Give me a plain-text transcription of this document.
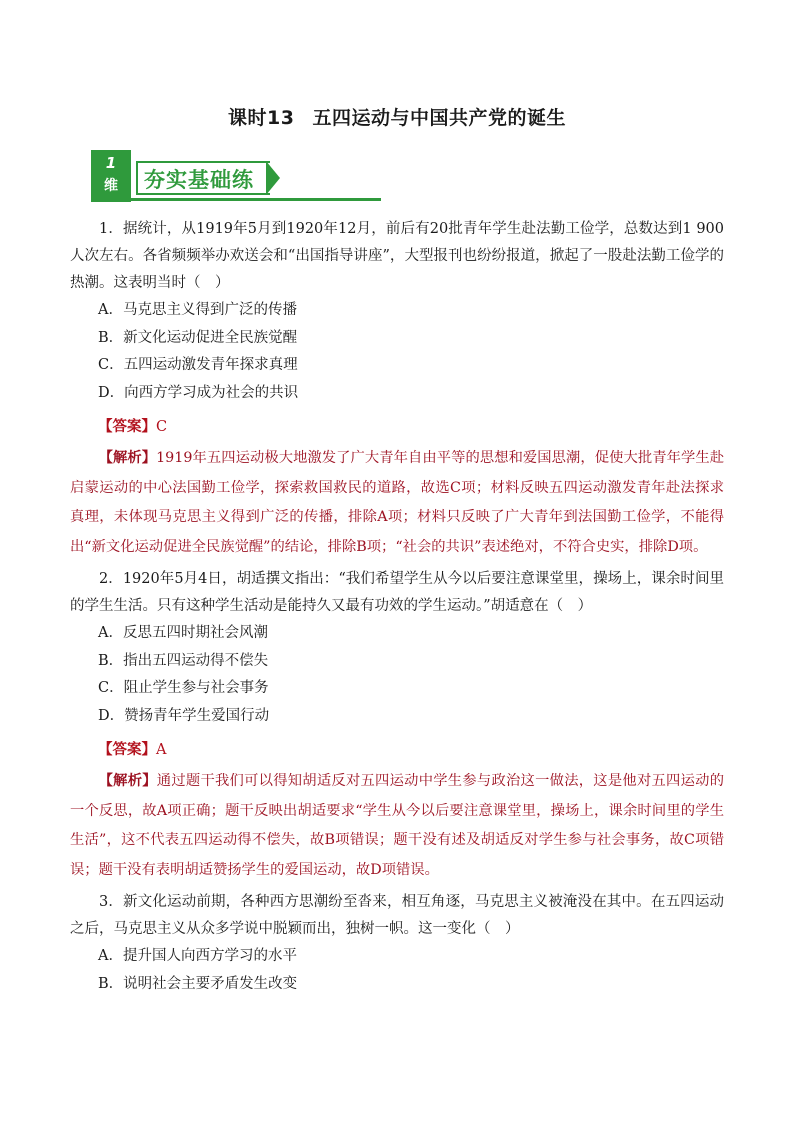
课时13 五四运动与中国共产党的诞生
1
维	夯实基础练

1．据统计，从1919年5月到1920年12月，前后有20批青年学生赴法勤工俭学，总数达到1 900人次左右。各省频频举办欢送会和“出国指导讲座”，大型报刊也纷纷报道，掀起了一股赴法勤工俭学的热潮。这表明当时（　）

A．马克思主义得到广泛的传播

B．新文化运动促进全民族觉醒

C．五四运动激发青年探求真理

D．向西方学习成为社会的共识

【答案】C

【解析】1919年五四运动极大地激发了广大青年自由平等的思想和爱国思潮，促使大批青年学生赴启蒙运动的中心法国勤工俭学，探索救国救民的道路，故选C项；材料反映五四运动激发青年赴法探求真理，未体现马克思主义得到广泛的传播，排除A项；材料只反映了广大青年到法国勤工俭学，不能得出“新文化运动促进全民族觉醒”的结论，排除B项；“社会的共识”表述绝对，不符合史实，排除D项。

2．1920年5月4日，胡适撰文指出：“我们希望学生从今以后要注意课堂里，操场上，课余时间里的学生生活。只有这种学生活动是能持久又最有功效的学生运动。”胡适意在（　）

A．反思五四时期社会风潮

B．指出五四运动得不偿失

C．阻止学生参与社会事务

D．赞扬青年学生爱国行动

【答案】A

【解析】通过题干我们可以得知胡适反对五四运动中学生参与政治这一做法，这是他对五四运动的一个反思，故A项正确；题干反映出胡适要求“学生从今以后要注意课堂里，操场上，课余时间里的学生生活”，这不代表五四运动得不偿失，故B项错误；题干没有述及胡适反对学生参与社会事务，故C项错误；题干没有表明胡适赞扬学生的爱国运动，故D项错误。

3．新文化运动前期，各种西方思潮纷至沓来，相互角逐，马克思主义被淹没在其中。在五四运动之后，马克思主义从众多学说中脱颖而出，独树一帜。这一变化（　）

A．提升国人向西方学习的水平

B．说明社会主要矛盾发生改变
